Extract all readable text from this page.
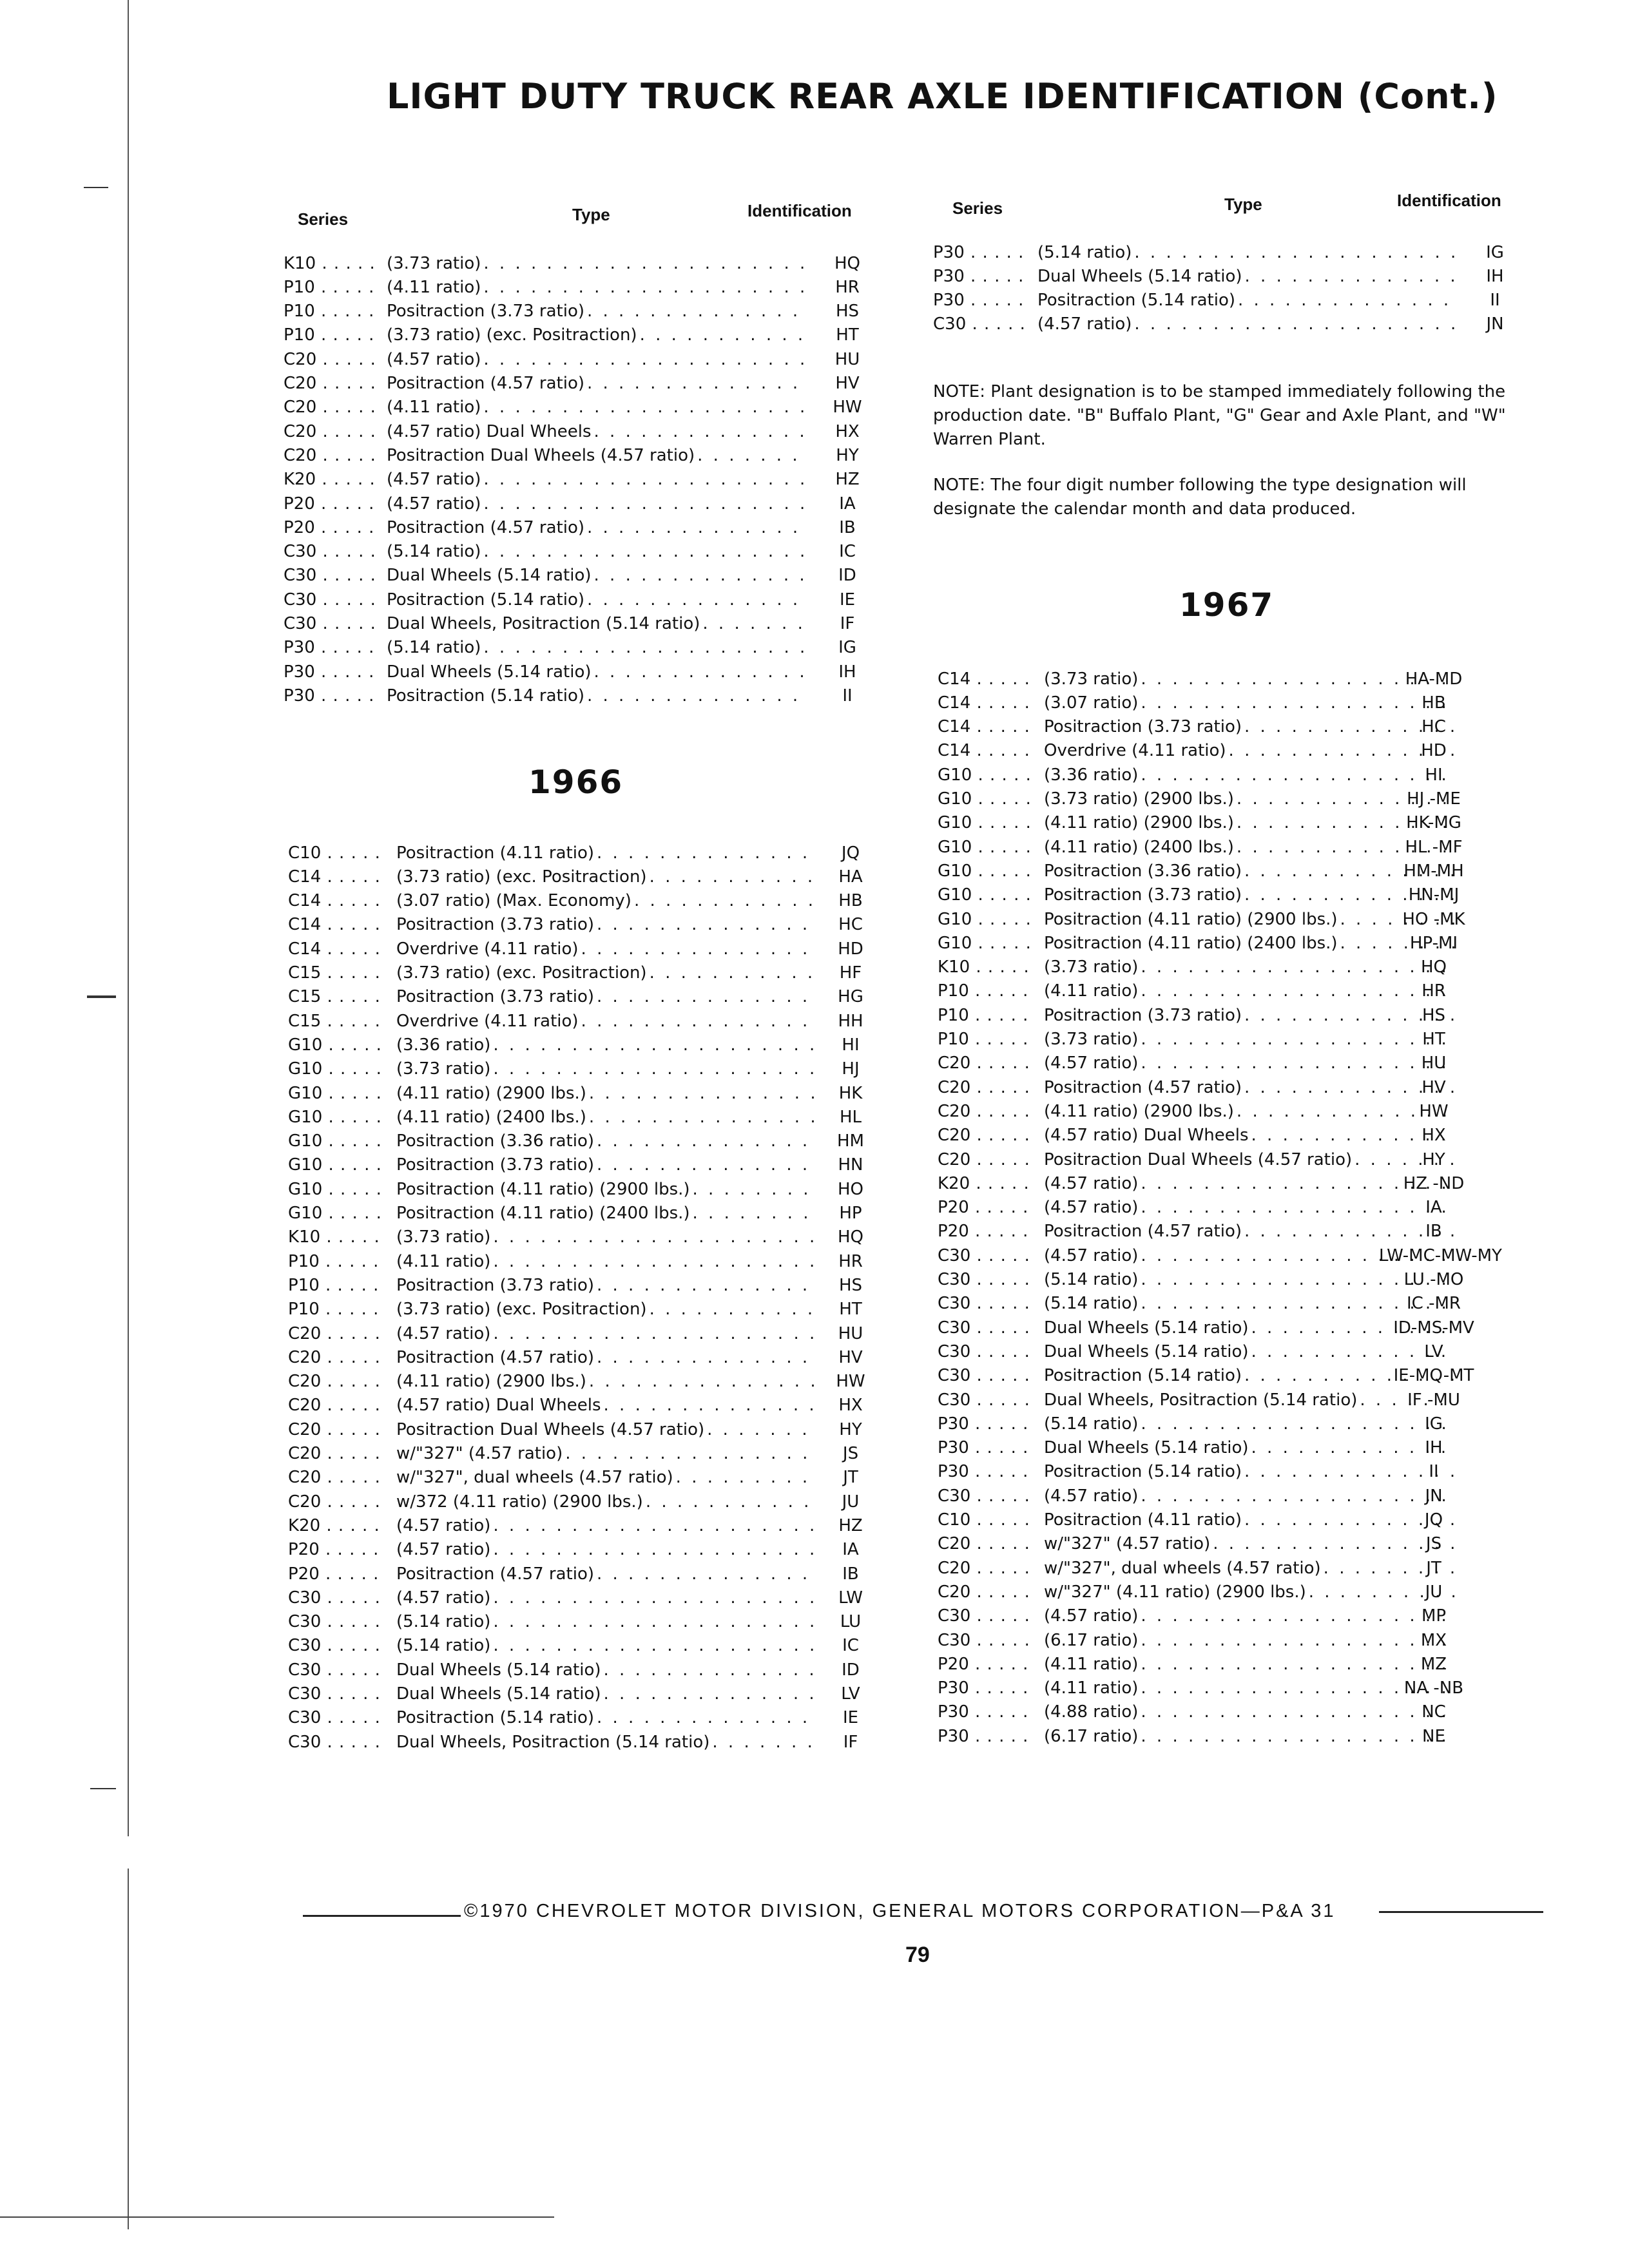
LIGHT DUTY TRUCK REAR AXLE IDENTIFICATION (Cont.)
Series	Type	Identification	Series	Type	Identification
K10 . . .	(3.73 ratio) . . .	HQ
P10 . . .	(4.11 ratio) . . .	HR
P10 . . .	Positraction (3.73 ratio) . . .	HS
P10 . . .	(3.73 ratio) (exc. Positraction) . . .	HT
C20 . . .	(4.57 ratio) . . .	HU
C20 . . .	Positraction (4.57 ratio) . . .	HV
C20 . . .	(4.11 ratio) . . .	HW
C20 . . .	(4.57 ratio) Dual Wheels . . .	HX
C20 . . .	Positraction Dual Wheels (4.57 ratio) . . .	HY
K20 . . .	(4.57 ratio) . . .	HZ
P20 . . .	(4.57 ratio) . . .	IA
P20 . . .	Positraction (4.57 ratio) . . .	IB
C30 . . .	(5.14 ratio) . . .	IC
C30 . . .	Dual Wheels (5.14 ratio) . . .	ID
C30 . . .	Positraction (5.14 ratio) . . .	IE
C30 . . .	Dual Wheels, Positraction (5.14 ratio) . . .	IF
P30 . . .	(5.14 ratio) . . .	IG
P30 . . .	Dual Wheels (5.14 ratio) . . .	IH
P30 . . .	Positraction (5.14 ratio) . . .	II
1966
C10 . . .	Positraction (4.11 ratio) . . .	JQ
C14 . . .	(3.73 ratio) (exc. Positraction) . . .	HA
C14 . . .	(3.07 ratio) (Max. Economy) . . .	HB
C14 . . .	Positraction (3.73 ratio) . . .	HC
C14 . . .	Overdrive (4.11 ratio) . . .	HD
C15 . . .	(3.73 ratio) (exc. Positraction) . . .	HF
C15 . . .	Positraction (3.73 ratio) . . .	HG
C15 . . .	Overdrive (4.11 ratio) . . .	HH
G10 . . .	(3.36 ratio) . . .	HI
G10 . . .	(3.73 ratio) . . .	HJ
G10 . . .	(4.11 ratio) (2900 lbs.) . . .	HK
G10 . . .	(4.11 ratio) (2400 lbs.) . . .	HL
G10 . . .	Positraction (3.36 ratio) . . .	HM
G10 . . .	Positraction (3.73 ratio) . . .	HN
G10 . . .	Positraction (4.11 ratio) (2900 lbs.) . . .	HO
G10 . . .	Positraction (4.11 ratio) (2400 lbs.) . . .	HP
K10 . . .	(3.73 ratio) . . .	HQ
P10 . . .	(4.11 ratio) . . .	HR
P10 . . .	Positraction (3.73 ratio) . . .	HS
P10 . . .	(3.73 ratio) (exc. Positraction) . . .	HT
C20 . . .	(4.57 ratio) . . .	HU
C20 . . .	Positraction (4.57 ratio) . . .	HV
C20 . . .	(4.11 ratio) (2900 lbs.) . . .	HW
C20 . . .	(4.57 ratio) Dual Wheels . . .	HX
C20 . . .	Positraction Dual Wheels (4.57 ratio) . . .	HY
C20 . . .	w/"327" (4.57 ratio) . . .	JS
C20 . . .	w/"327", dual wheels (4.57 ratio) . . .	JT
C20 . . .	w/372 (4.11 ratio) (2900 lbs.) . . .	JU
K20 . . .	(4.57 ratio) . . .	HZ
P20 . . .	(4.57 ratio) . . .	IA
P20 . . .	Positraction (4.57 ratio) . . .	IB
C30 . . .	(4.57 ratio) . . .	LW
C30 . . .	(5.14 ratio) . . .	LU
C30 . . .	(5.14 ratio) . . .	IC
C30 . . .	Dual Wheels (5.14 ratio) . . .	ID
C30 . . .	Dual Wheels (5.14 ratio) . . .	LV
C30 . . .	Positraction (5.14 ratio) . . .	IE
C30 . . .	Dual Wheels, Positraction (5.14 ratio) . . .	IF
P30 . . .	(5.14 ratio) . . .	IG
P30 . . .	Dual Wheels (5.14 ratio) . . .	IH
P30 . . .	Positraction (5.14 ratio) . . .	II
C30 . . .	(4.57 ratio) . . .	JN
NOTE: Plant designation is to be stamped immediately following the production date. "B" Buffalo Plant, "G" Gear and Axle Plant, and "W" Warren Plant.
NOTE: The four digit number following the type designation will designate the calendar month and data produced.
1967
C14 . . .	(3.73 ratio) . . .	HA-MD
C14 . . .	(3.07 ratio) . . .	HB
C14 . . .	Positraction (3.73 ratio) . . .	HC
C14 . . .	Overdrive (4.11 ratio) . . .	HD
G10 . . .	(3.36 ratio) . . .	HI
G10 . . .	(3.73 ratio) (2900 lbs.) . . .	HJ -ME
G10 . . .	(4.11 ratio) (2900 lbs.) . . .	HK-MG
G10 . . .	(4.11 ratio) (2400 lbs.) . . .	HL -MF
G10 . . .	Positraction (3.36 ratio) . . .	HM-MH
G10 . . .	Positraction (3.73 ratio) . . .	HN-MJ
G10 . . .	Positraction (4.11 ratio) (2900 lbs.) . . .	HO -MK
G10 . . .	Positraction (4.11 ratio) (2400 lbs.) . . .	HP-MI
K10 . . .	(3.73 ratio) . . .	HQ
P10 . . .	(4.11 ratio) . . .	HR
P10 . . .	Positraction (3.73 ratio) . . .	HS
P10 . . .	(3.73 ratio) . . .	HT
C20 . . .	(4.57 ratio) . . .	HU
C20 . . .	Positraction (4.57 ratio) . . .	HV
C20 . . .	(4.11 ratio) (2900 lbs.) . . .	HW
C20 . . .	(4.57 ratio) Dual Wheels . . .	HX
C20 . . .	Positraction Dual Wheels (4.57 ratio) . . .	HY
K20 . . .	(4.57 ratio) . . .	HZ -ND
P20 . . .	(4.57 ratio) . . .	IA
P20 . . .	Positraction (4.57 ratio) . . .	IB
C30 . . .	(4.57 ratio) . . .	LW-MC-MW-MY
C30 . . .	(5.14 ratio) . . .	LU -MO
C30 . . .	(5.14 ratio) . . .	IC -MR
C30 . . .	Dual Wheels (5.14 ratio) . . .	ID-MS-MV
C30 . . .	Dual Wheels (5.14 ratio) . . .	LV
C30 . . .	Positraction (5.14 ratio) . . .	IE-MQ-MT
C30 . . .	Dual Wheels, Positraction (5.14 ratio) . . .	IF -MU
P30 . . .	(5.14 ratio) . . .	IG
P30 . . .	Dual Wheels (5.14 ratio) . . .	IH
P30 . . .	Positraction (5.14 ratio) . . .	II
C30 . . .	(4.57 ratio) . . .	JN
C10 . . .	Positraction (4.11 ratio) . . .	JQ
C20 . . .	w/"327" (4.57 ratio) . . .	JS
C20 . . .	w/"327", dual wheels (4.57 ratio) . . .	JT
C20 . . .	w/"327" (4.11 ratio) (2900 lbs.) . . .	JU
C30 . . .	(4.57 ratio) . . .	MP
C30 . . .	(6.17 ratio) . . .	MX
P20 . . .	(4.11 ratio) . . .	MZ
P30 . . .	(4.11 ratio) . . .	NA -NB
P30 . . .	(4.88 ratio) . . .	NC
P30 . . .	(6.17 ratio) . . .	NE
©1970 CHEVROLET MOTOR DIVISION, GENERAL MOTORS CORPORATION—P&A 31
79
